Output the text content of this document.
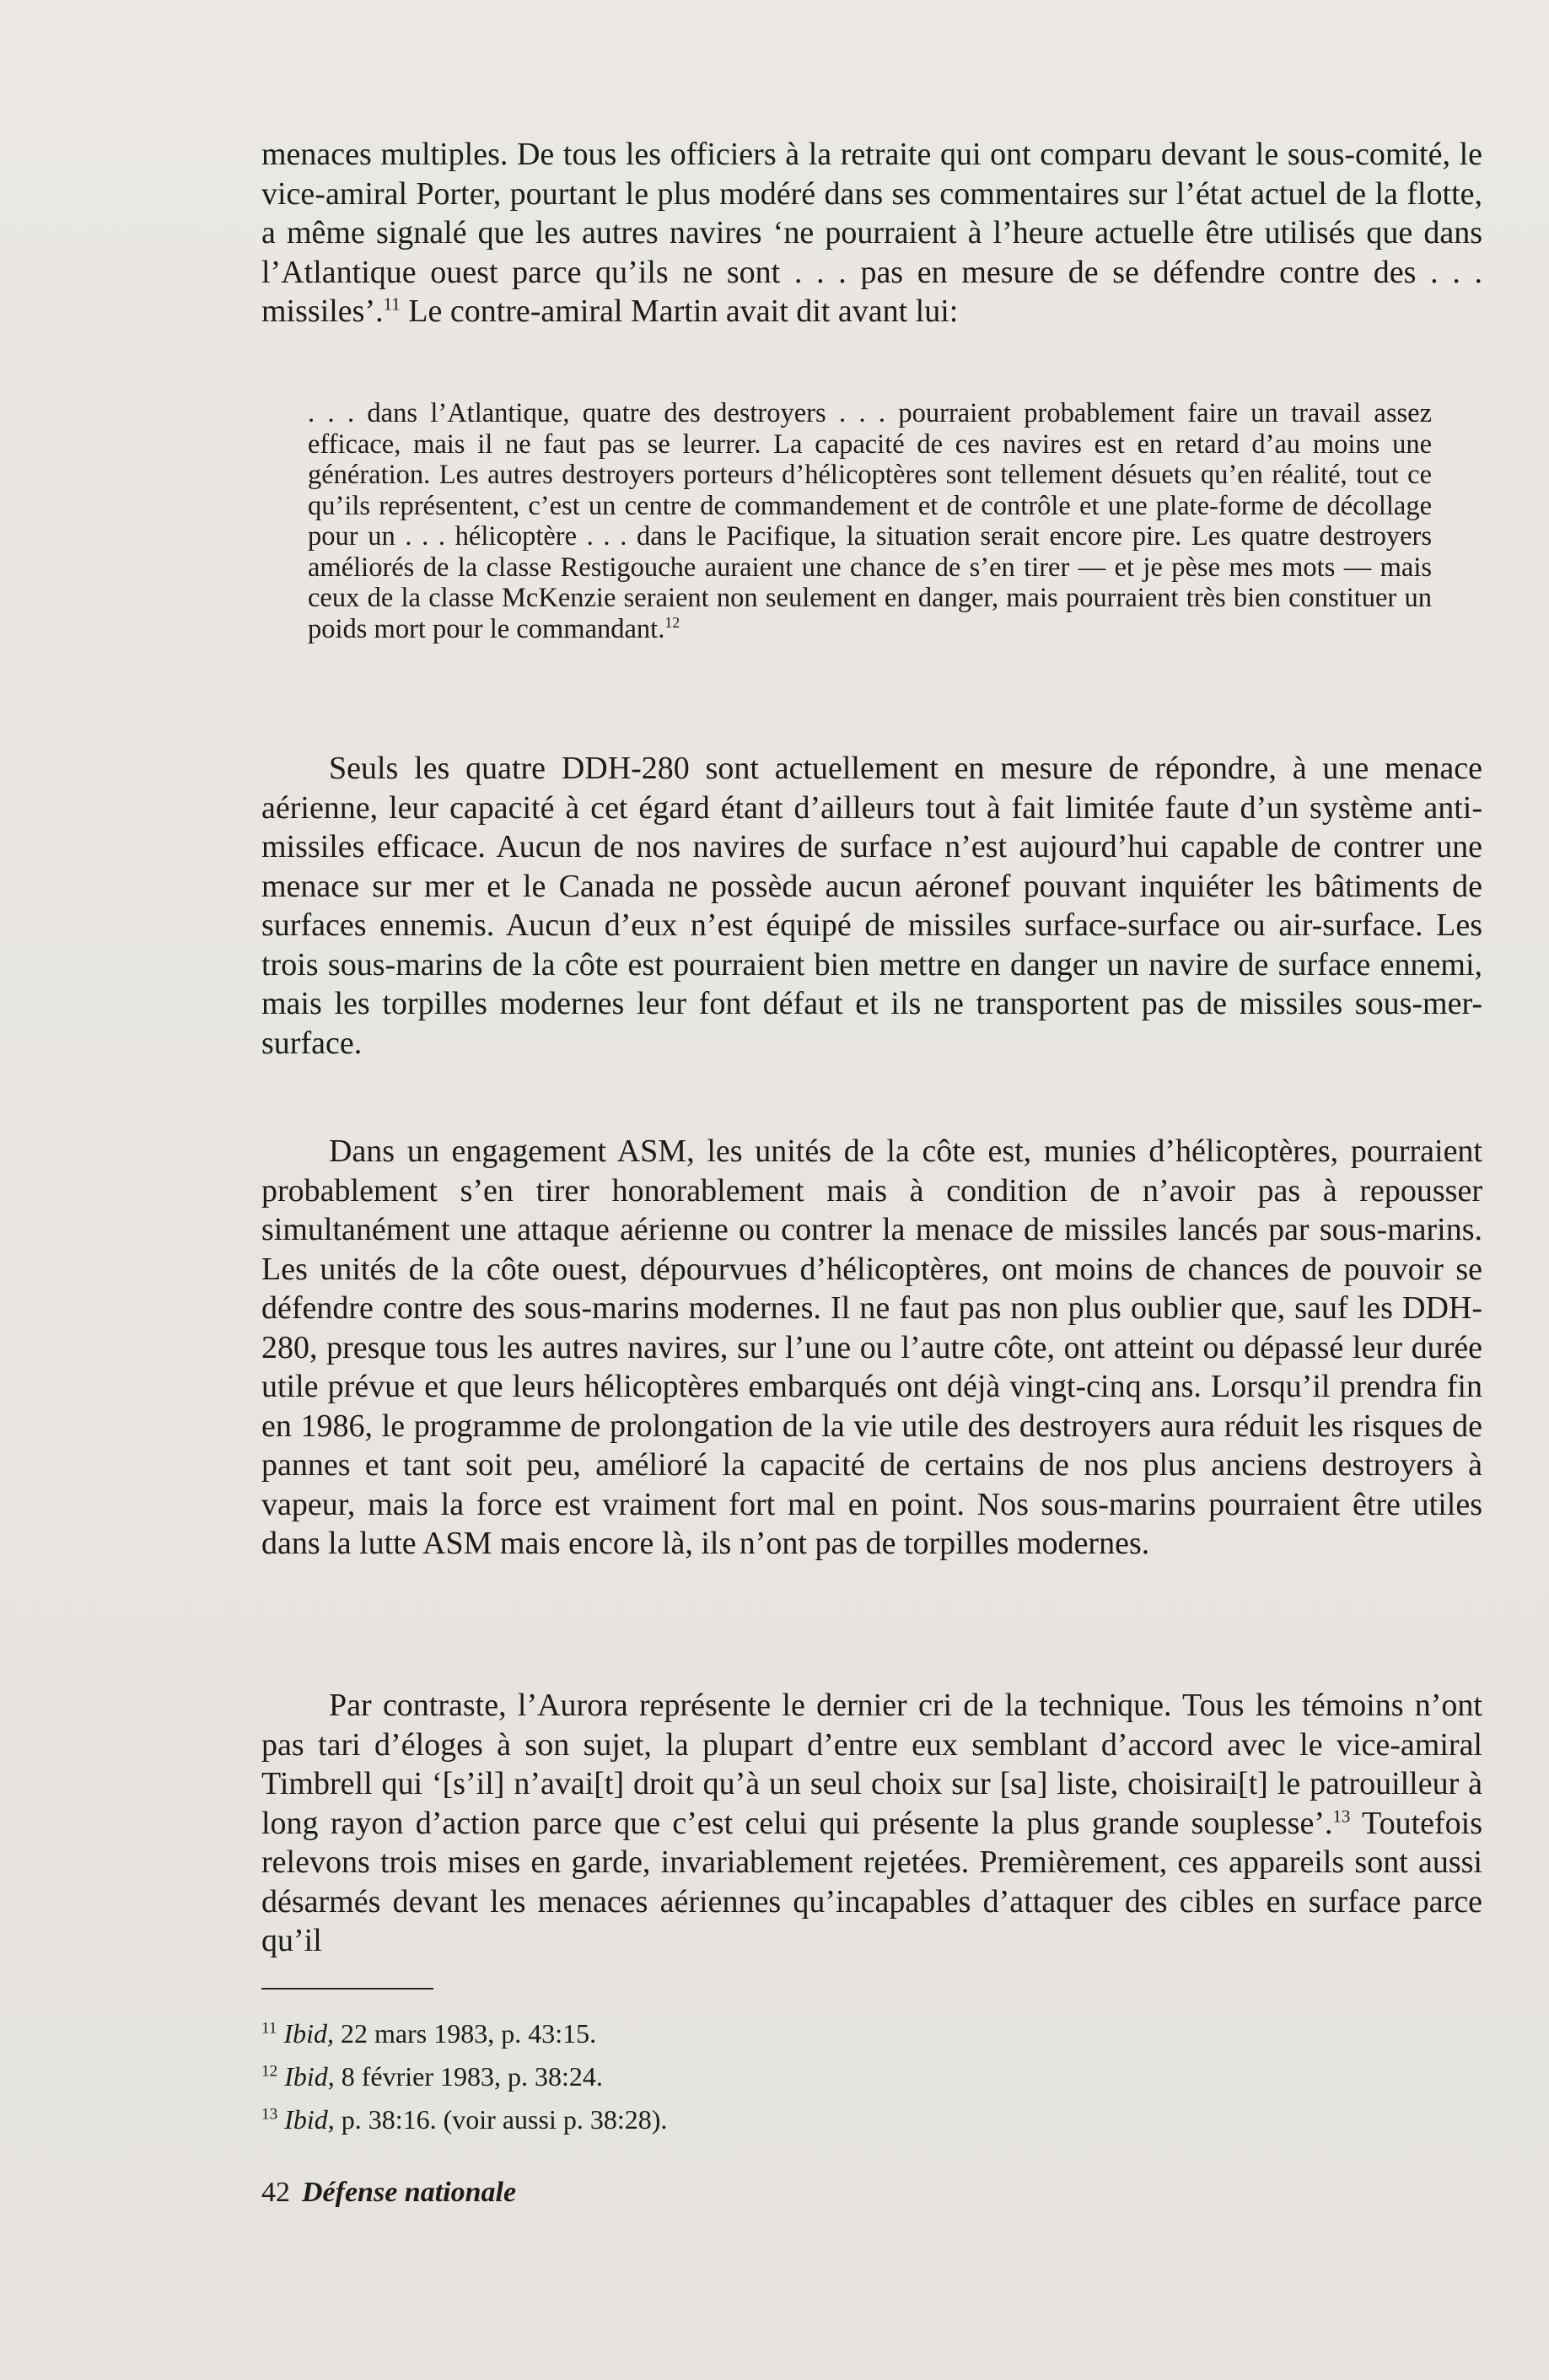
menaces multiples. De tous les officiers à la retraite qui ont comparu devant le sous-comité, le vice-amiral Porter, pourtant le plus modéré dans ses commentaires sur l’état actuel de la flotte, a même signalé que les autres navires ‘ne pourraient à l’heure actuelle être utilisés que dans l’Atlantique ouest parce qu’ils ne sont . . . pas en mesure de se défendre contre des . . . missiles’.$^{11}$ Le contre-amiral Martin avait dit avant lui:

. . . dans l’Atlantique, quatre des destroyers . . . pourraient probablement faire un travail assez efficace, mais il ne faut pas se leurrer. La capacité de ces navires est en retard d’au moins une génération. Les autres destroyers porteurs d’hélicoptères sont tellement désuets qu’en réalité, tout ce qu’ils représentent, c’est un centre de commandement et de contrôle et une plate-forme de décollage pour un . . . hélicoptère . . . dans le Pacifique, la situation serait encore pire. Les quatre destroyers améliorés de la classe Restigouche auraient une chance de s’en tirer — et je pèse mes mots — mais ceux de la classe McKenzie seraient non seulement en danger, mais pourraient très bien constituer un poids mort pour le commandant.$^{12}$

Seuls les quatre DDH-280 sont actuellement en mesure de répondre, à une menace aérienne, leur capacité à cet égard étant d’ailleurs tout à fait limitée faute d’un système anti-missiles efficace. Aucun de nos navires de surface n’est aujourd’hui capable de contrer une menace sur mer et le Canada ne possède aucun aéronef pouvant inquiéter les bâtiments de surfaces ennemis. Aucun d’eux n’est équipé de missiles surface-surface ou air-surface. Les trois sous-marins de la côte est pourraient bien mettre en danger un navire de surface ennemi, mais les torpilles modernes leur font défaut et ils ne transportent pas de missiles sous-mer-surface.

Dans un engagement ASM, les unités de la côte est, munies d’hélicoptères, pourraient probablement s’en tirer honorablement mais à condition de n’avoir pas à repousser simultanément une attaque aérienne ou contrer la menace de missiles lancés par sous-marins. Les unités de la côte ouest, dépourvues d’hélicoptères, ont moins de chances de pouvoir se défendre contre des sous-marins modernes. Il ne faut pas non plus oublier que, sauf les DDH-280, presque tous les autres navires, sur l’une ou l’autre côte, ont atteint ou dépassé leur durée utile prévue et que leurs hélicoptères embarqués ont déjà vingt-cinq ans. Lorsqu’il prendra fin en 1986, le programme de prolongation de la vie utile des destroyers aura réduit les risques de pannes et tant soit peu, amélioré la capacité de certains de nos plus anciens destroyers à vapeur, mais la force est vraiment fort mal en point. Nos sous-marins pourraient être utiles dans la lutte ASM mais encore là, ils n’ont pas de torpilles modernes.

Par contraste, l’Aurora représente le dernier cri de la technique. Tous les témoins n’ont pas tari d’éloges à son sujet, la plupart d’entre eux semblant d’accord avec le vice-amiral Timbrell qui ‘[s’il] n’avai[t] droit qu’à un seul choix sur [sa] liste, choisirai[t] le patrouilleur à long rayon d’action parce que c’est celui qui présente la plus grande souplesse’.$^{13}$ Toutefois relevons trois mises en garde, invariablement rejetées. Premièrement, ces appareils sont aussi désarmés devant les menaces aériennes qu’incapables d’attaquer des cibles en surface parce qu’il

$^{11}$ Ibid, 22 mars 1983, p. 43:15.

$^{12}$ Ibid, 8 février 1983, p. 38:24.

$^{13}$ Ibid, p. 38:16. (voir aussi p. 38:28).

42 Défense nationale
